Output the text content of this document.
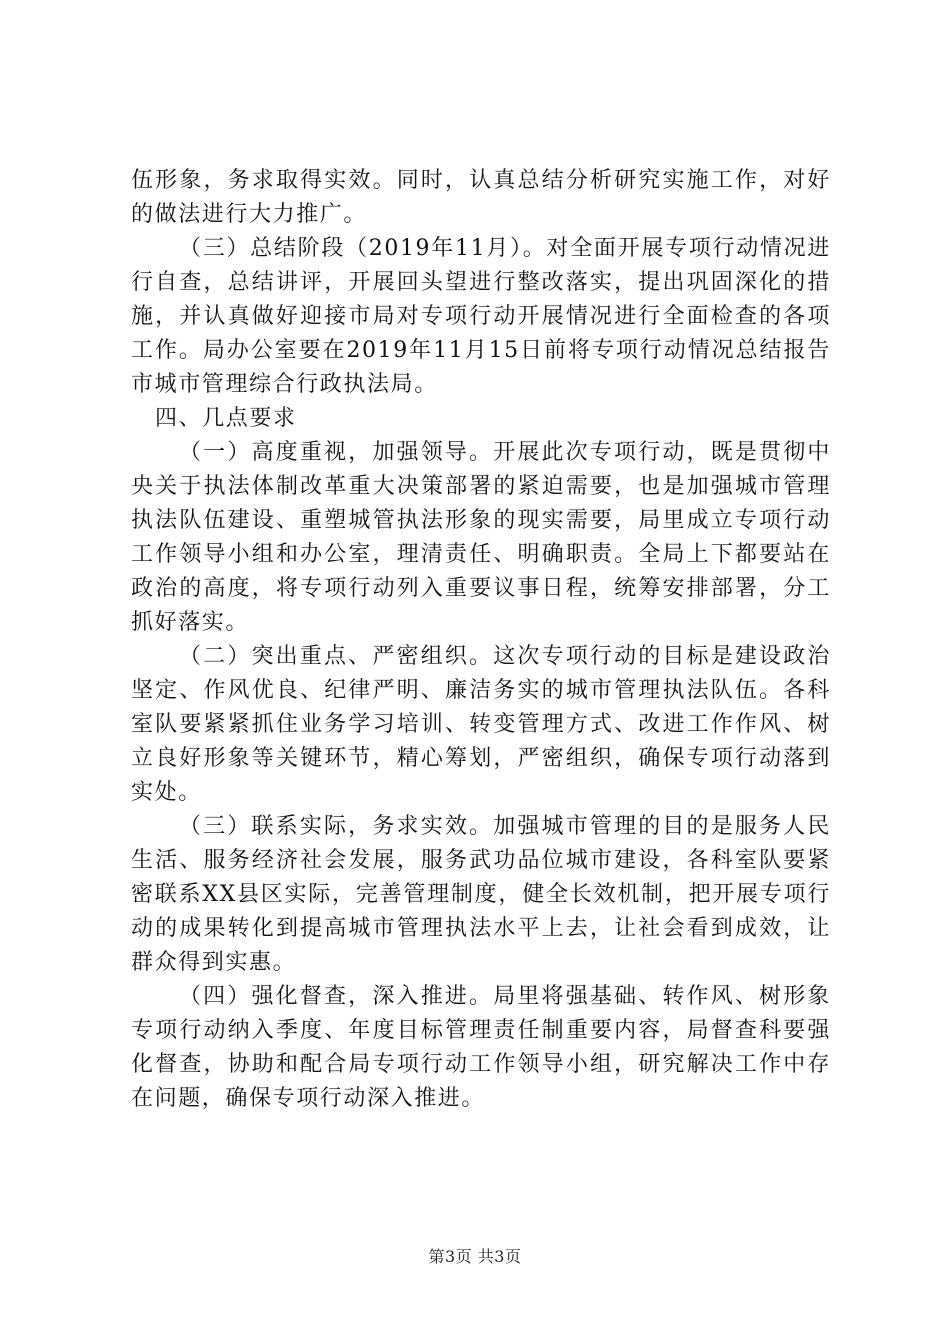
伍形象，务求取得实效。同时，认真总结分析研究实施工作，对好的做法进行大力推广。

（三）总结阶段（2019年11月）。对全面开展专项行动情况进行自查，总结讲评，开展回头望进行整改落实，提出巩固深化的措施，并认真做好迎接市局对专项行动开展情况进行全面检查的各项工作。局办公室要在2019年11月15日前将专项行动情况总结报告市城市管理综合行政执法局。

四、几点要求

（一）高度重视，加强领导。开展此次专项行动，既是贯彻中央关于执法体制改革重大决策部署的紧迫需要，也是加强城市管理执法队伍建设、重塑城管执法形象的现实需要，局里成立专项行动工作领导小组和办公室，理清责任、明确职责。全局上下都要站在政治的高度，将专项行动列入重要议事日程，统筹安排部署，分工抓好落实。

（二）突出重点、严密组织。这次专项行动的目标是建设政治坚定、作风优良、纪律严明、廉洁务实的城市管理执法队伍。各科室队要紧紧抓住业务学习培训、转变管理方式、改进工作作风、树立良好形象等关键环节，精心筹划，严密组织，确保专项行动落到实处。

（三）联系实际，务求实效。加强城市管理的目的是服务人民生活、服务经济社会发展，服务武功品位城市建设，各科室队要紧密联系XX县区实际，完善管理制度，健全长效机制，把开展专项行动的成果转化到提高城市管理执法水平上去，让社会看到成效，让群众得到实惠。

（四）强化督查，深入推进。局里将强基础、转作风、树形象专项行动纳入季度、年度目标管理责任制重要内容，局督查科要强化督查，协助和配合局专项行动工作领导小组，研究解决工作中存在问题，确保专项行动深入推进。

第3页 共3页
